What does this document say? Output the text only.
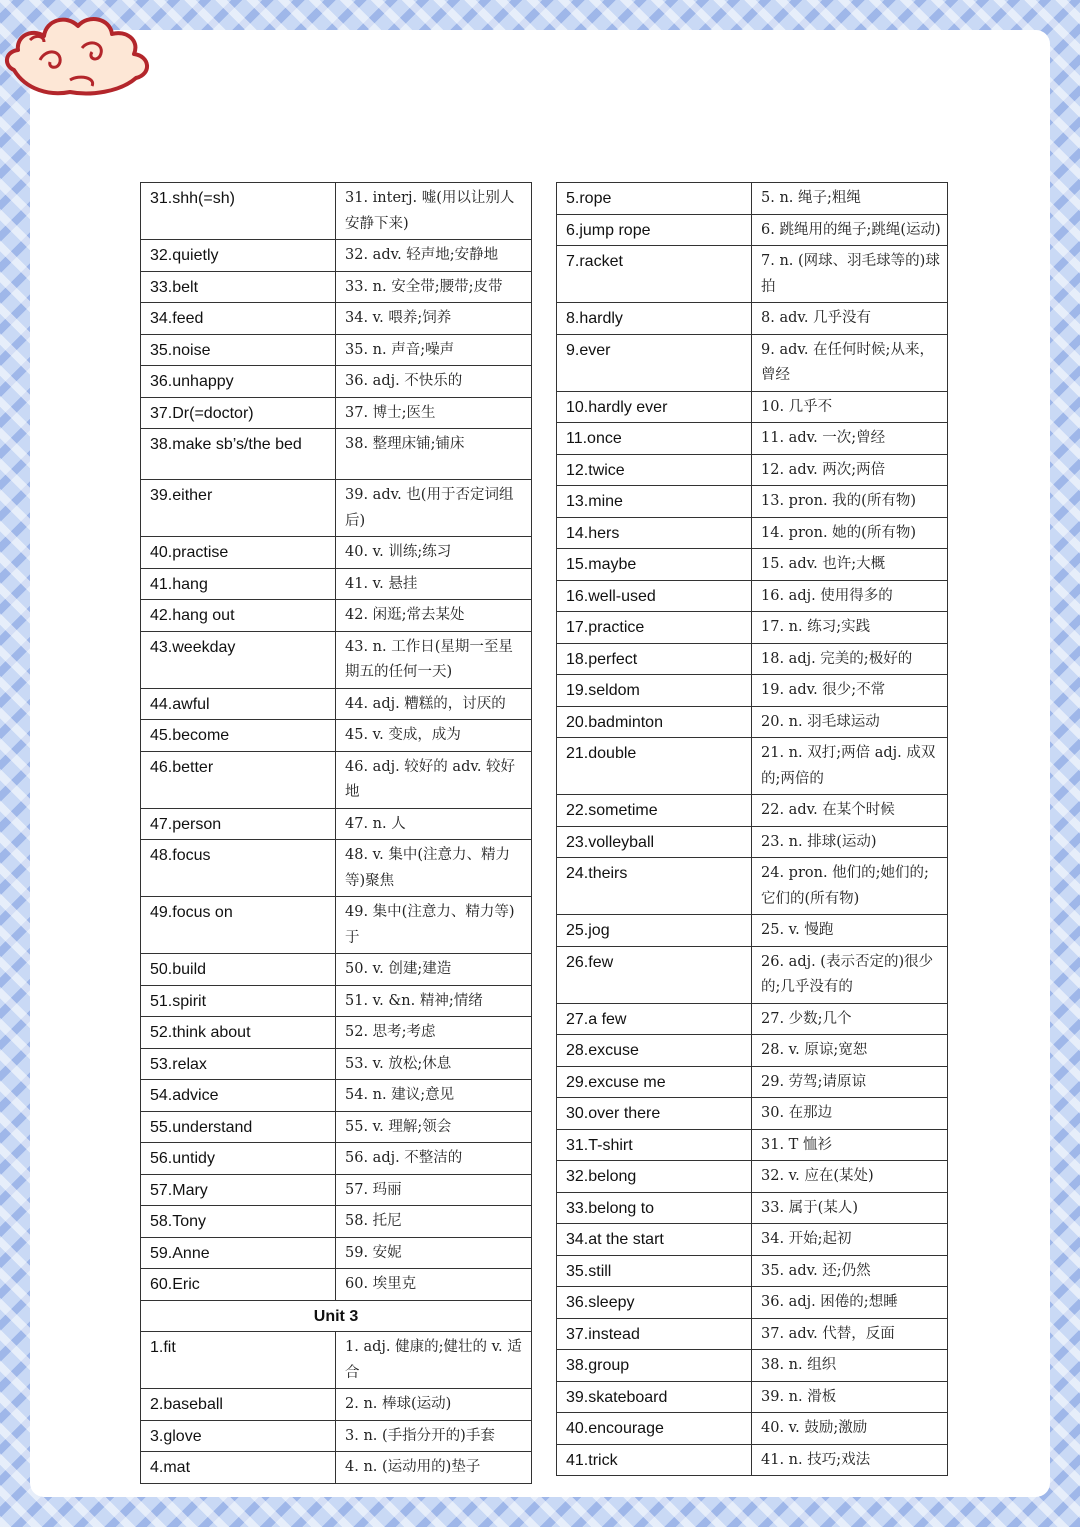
31.shh(=sh)	31. interj. 嘘(用以让别人安静下来)
32.quietly	32. adv. 轻声地;安静地
33.belt	33. n. 安全带;腰带;皮带
34.feed	34. v. 喂养;饲养
35.noise	35. n. 声音;噪声
36.unhappy	36. adj. 不快乐的
37.Dr(=doctor)	37. 博士;医生
38.make sb’s/the bed	38. 整理床铺;铺床
39.either	39. adv. 也(用于否定词组后)
40.practise	40. v. 训练;练习
41.hang	41. v. 悬挂
42.hang out	42. 闲逛;常去某处
43.weekday	43. n. 工作日(星期一至星期五的任何一天)
44.awful	44. adj. 糟糕的，讨厌的
45.become	45. v. 变成，成为
46.better	46. adj. 较好的 adv. 较好地
47.person	47. n. 人
48.focus	48. v. 集中(注意力、精力等)聚焦
49.focus on	49. 集中(注意力、精力等)于
50.build	50. v. 创建;建造
51.spirit	51. v. &n. 精神;情绪
52.think about	52. 思考;考虑
53.relax	53. v. 放松;休息
54.advice	54. n. 建议;意见
55.understand	55. v. 理解;领会
56.untidy	56. adj. 不整洁的
57.Mary	57. 玛丽
58.Tony	58. 托尼
59.Anne	59. 安妮
60.Eric	60. 埃里克
Unit 3	
1.fit	1. adj. 健康的;健壮的 v. 适合
2.baseball	2. n. 棒球(运动)
3.glove	3. n. (手指分开的)手套
4.mat	4. n. (运动用的)垫子
5.rope	5. n. 绳子;粗绳
6.jump rope	6. 跳绳用的绳子;跳绳(运动)
7.racket	7. n. (网球、羽毛球等的)球拍
8.hardly	8. adv. 几乎没有
9.ever	9. adv. 在任何时候;从来，曾经
10.hardly ever	10. 几乎不
11.once	11. adv. 一次;曾经
12.twice	12. adv. 两次;两倍
13.mine	13. pron. 我的(所有物)
14.hers	14. pron. 她的(所有物)
15.maybe	15. adv. 也许;大概
16.well-used	16. adj. 使用得多的
17.practice	17. n. 练习;实践
18.perfect	18. adj. 完美的;极好的
19.seldom	19. adv. 很少;不常
20.badminton	20. n. 羽毛球运动
21.double	21. n. 双打;两倍 adj. 成双的;两倍的
22.sometime	22. adv. 在某个时候
23.volleyball	23. n. 排球(运动)
24.theirs	24. pron. 他们的;她们的;它们的(所有物)
25.jog	25. v. 慢跑
26.few	26. adj. (表示否定的)很少的;几乎没有的
27.a few	27. 少数;几个
28.excuse	28. v. 原谅;宽恕
29.excuse me	29. 劳驾;请原谅
30.over there	30. 在那边
31.T-shirt	31. T 恤衫
32.belong	32. v. 应在(某处)
33.belong to	33. 属于(某人)
34.at the start	34. 开始;起初
35.still	35. adv. 还;仍然
36.sleepy	36. adj. 困倦的;想睡
37.instead	37. adv. 代替，反面
38.group	38. n. 组织
39.skateboard	39. n. 滑板
40.encourage	40. v. 鼓励;激励
41.trick	41. n. 技巧;戏法
